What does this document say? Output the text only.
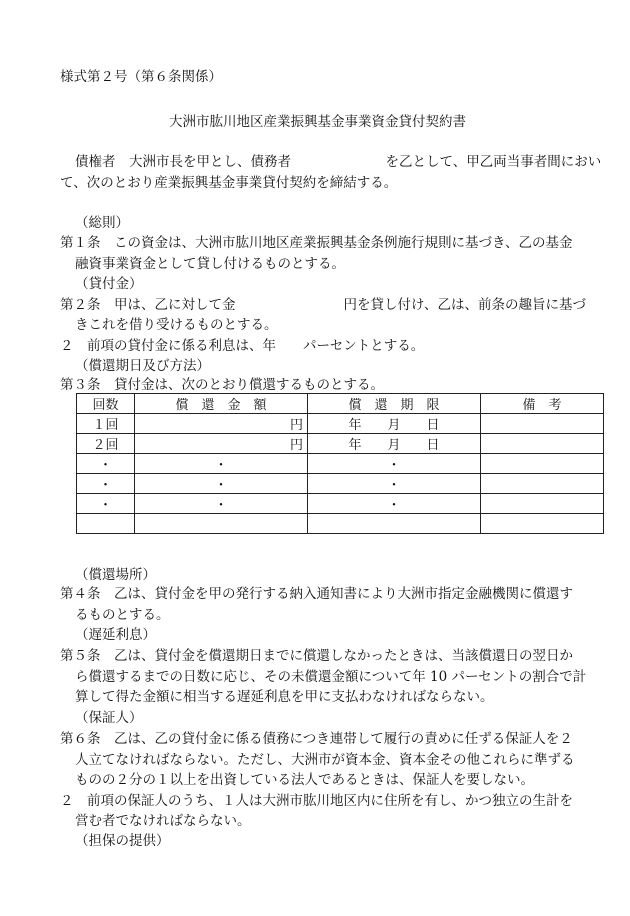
様式第２号（第６条関係）
大洲市肱川地区産業振興基金事業資金貸付契約書
債権者　大洲市長を甲とし、債務者　　　　　　　を乙として、甲乙両当事者間におい
て、次のとおり産業振興基金事業貸付契約を締結する。
（総則）
第１条　この資金は、大洲市肱川地区産業振興基金条例施行規則に基づき、乙の基金
融資事業資金として貸し付けるものとする。
（貸付金）
第２条　甲は、乙に対して金　　　　　　　　円を貸し付け、乙は、前条の趣旨に基づ
きこれを借り受けるものとする。
２　前項の貸付金に係る利息は、年　　パーセントとする。
（償還期日及び方法）
第３条　貸付金は、次のとおり償還するものとする。
回数	償　還　金　額	償　還　期　限	備　考
１回	円	年　　月　　日	
２回	円	年　　月　　日	
・	・	・	
・	・	・	
・	・	・	

（償還場所）
第４条　乙は、貸付金を甲の発行する納入通知書により大洲市指定金融機関に償還す
るものとする。
（遅延利息）
第５条　乙は、貸付金を償還期日までに償還しなかったときは、当該償還日の翌日か
ら償還するまでの日数に応じ、その未償還金額について年 10 パーセントの割合で計
算して得た金額に相当する遅延利息を甲に支払わなければならない。
（保証人）
第６条　乙は、乙の貸付金に係る債務につき連帯して履行の責めに任ずる保証人を２
人立てなければならない。ただし、大洲市が資本金、資本金その他これらに準ずる
ものの２分の１以上を出資している法人であるときは、保証人を要しない。
２　前項の保証人のうち、１人は大洲市肱川地区内に住所を有し、かつ独立の生計を
営む者でなければならない。
（担保の提供）
